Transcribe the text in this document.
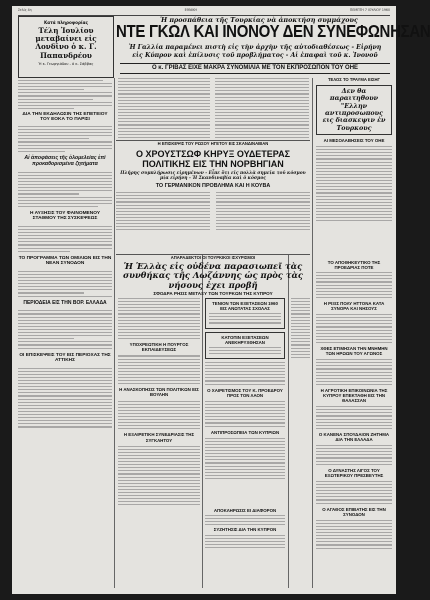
Σελίς 4η	ΕΘΝΙΚΗ	ΠΕΜΠΤΗ 7 ΙΟΥΛΙΟΥ 1960
Κατά πληροφορίας
Τέλη Ἰουλίου μεταβαίνει εἰς Λονδῖνο ὁ κ. Γ. Παπανδρέου
Ἡ κ. Γεωργιάδου - ὁ κ. Σάββας
Ἡ προσπάθεια τῆς Τουρκίας νὰ ἀποκτήση συμμάχους
ΝΤΕ ΓΚΩΛ ΚΑΙ ΙΝΟΝΟΥ ΔΕΝ ΣΥΝΕΦΩΝΗΣΑΝ
Ἡ Γαλλία παραμένει πιστὴ εἰς τὴν ἀρχὴν τῆς αὐτοδιαθέσεως - Εἰρήνη
εἰς Κύπρον καὶ ἐπίλυσις τοῦ προβλήματος - Αἱ ἐπαφαὶ τοῦ κ. Ἰνονοῦ
Ο κ. ΓΡΙΒΑΣ ΕΙΧΕ ΜΑΚΡΑ ΣΥΝΟΜΙΛΙΑ ΜΕ ΤΟΝ ΕΚΠΡΟΣΩΠΟΝ ΤΟΥ ΟΗΕ
ΔΙΑ ΤΗΝ ΕΚΔΗΛΩΣΙΝ ΤΗΣ ΕΠΕΤΕΙΟΥ ΤΟΥ ΕΟΚΑ ΤΟ ΠΑΡΙΣΙ
Αἱ ἀποφάσεις τῆς ὁλομελείας ἐπὶ προκαθορισμένα ζητήματα
Η ΑΥΞΗΣΙΣ ΤΟΥ ΦΑΙΝΟΜΕΝΟΥ ΣΤΑΘΜΟΥ ΤΗΣ ΣΥΣΚΕΨΕΩΣ
ΤΟ ΠΡΟΓΡΑΜΜΑ ΤΩΝ ΟΜΙΛΙΩΝ ΕΙΣ ΤΗΝ ΝΕΑΝ ΣΥΝΟΔΟΝ
ΠΕΡΙΟΔΕΙΑ ΕΙΣ ΤΗΝ ΒΟΡ. ΕΛΛΑΔΑ
ΟΙ ΕΠΙΣΚΕΨΕΙΣ ΤΟΥ ΕΙΣ ΠΕΡΙΟΧΑΣ ΤΗΣ ΑΤΤΙΚΗΣ
ΤΕΛΟΣ ΤΟ ΤΡΑΥΜΑ ΕΙΣΗΓ
Δεν θα παραιτηθουν "Ελλην αντιπροσωπους εις διασκεψιν ἐν Τουρκους
ΑΙ ΜΕΣΟΛΑΒΗΣΕΙΣ ΤΟΥ ΟΗΕ
Η ΕΠΙΣΚΕΨΙΣ ΤΟΥ ΡΩΣΟΥ ΗΓΕΤΟΥ ΕΙΣ ΣΚΑΝΔΙΝΑΒΙΑΝ
Ο ΧΡΟΥΣΤΣΩΦ ΚΗΡΥΞ ΟΥΔΕΤΕΡΑΣ ΠΟΛΙΤΙΚΗΣ ΕΙΣ ΤΗΝ ΝΟΡΒΗΓΙΑΝ
Πλήρης συμπλήρωσις εἰρημένων - Εἶπε ὅτι εἰς πολλὰ σημεῖα τοῦ κόσμου μία εἰρήνη - Ἡ Σκανδιναβία καὶ ὁ κόσμος
ΤΟ ΓΕΡΜΑΝΙΚΟΝ ΠΡΟΒΛΗΜΑ ΚΑΙ Η ΚΟΥΒΑ
ΑΠΑΡΑΔΕΚΤΟΙ ΟΙ ΤΟΥΡΚΙΚΟΙ ΙΣΧΥΡΙΣΜΟΙ
Ἡ Ἑλλὰς εἰς οὐδένα παρασιωπεῖ τὰς συνθήκας τῆς Λωζάννης ὡς πρὸς τὰς νήσους ἐχει προβῆ
ΣΦΟΔΡΑ ΡΗΣΙΣ ΜΕΤΑΞΥ ΤΩΝ ΤΟΥΡΚΩΝ ΤΗΣ ΚΥΠΡΟΥ
ΥΠΟΧΡΕΩΤΙΚΗ Η ΠΟΥΡΓΟΣ ΕΚΠΑΙΔΕΥΣΕΩΣ
Η ΑΝΑΣΚΟΠΗΣΙΣ ΤΩΝ ΠΟΛΙΤΙΚΩΝ ΕΙΣ ΒΟΥΛΗΝ
Η ΕΞΑΙΡΕΤΙΚΗ ΣΥΝΕΔΡΙΑΣΙΣ ΤΗΣ ΣΥΓΚΛΗΤΟΥ
ΤΕΝΙΟΝ ΤΩΝ ΕΞΕΤΑΣΕΩΝ 1960 ΕΙΣ ΑΝΩΤΑΤΑΣ ΣΧΟΛΑΣ
ΚΑΤΟΠΙΝ ΕΞΕΤΑΣΕΩΝ ΑΝΕΚΗΡΥΧΘΗΣΑΝ
Ο ΧΑΙΡΕΤΙΣΜΟΣ ΤΟΥ Κ. ΠΡΟΕΔΡΟΥ ΠΡΟΣ ΤΟΝ ΛΑΟΝ
ΑΝΤΙΠΡΟΣΩΠΕΙΑ ΤΩΝ ΚΥΠΡΙΩΝ
ΤΟ ΑΠΟΘΗΚΕΥΤΙΚΟ ΤΗΣ ΠΡΟΕΔΡΙΑΣ ΠΟΤΕ
Η ΡΙΞΙΣ ΠΟΛΥ ΗΤΤΟΝΑ ΚΑΤΑ ΣΥΝΟΡΑ ΚΑΙ ΝΗΣΟΥΣ
ΧΘΕΣ ΕΤΙΜΗΣΑΝ ΤΗΝ ΜΝΗΜΗΝ ΤΩΝ ΗΡΩΩΝ ΤΟΥ ΑΓΩΝΟΣ
Η ΑΓΡΟΤΙΚΗ ΕΠΙΚΟΙΝΩΝΙΑ ΤΗΣ ΚΥΠΡΟΥ ΕΠΕΚΤΑΘΗ ΕΙΣ ΤΗΝ ΘΑΛΑΣΣΑΝ
Ο ΚΑΝΕΝΑ ΣΠΟΥΔΑΙΟΝ ΖΗΤΗΜΑ ΔΙΑ ΤΗΝ ΕΛΛΑΔΑ
Ο ΔΥΝΑΣΤΗΣ ΛΙΓΟΣ ΤΟΥ ΕΞΩΤΕΡΙΚΟΥ ΠΡΕΣΒΕΥΤΗΣ
Ο ΑΓΑΘΟΣ ΕΠΙΒΑΤΗΣ ΕΙΣ ΤΗΝ ΣΥΝΟΔΟΝ
ΑΠΟΚΛΗΡΩΣΙΣ ΕΙ ΔΙΑΦΟΡΟΝ
ΣΥΖΗΤΗΣΙΣ ΔΙΑ ΤΗΝ ΚΥΠΡΟΝ
